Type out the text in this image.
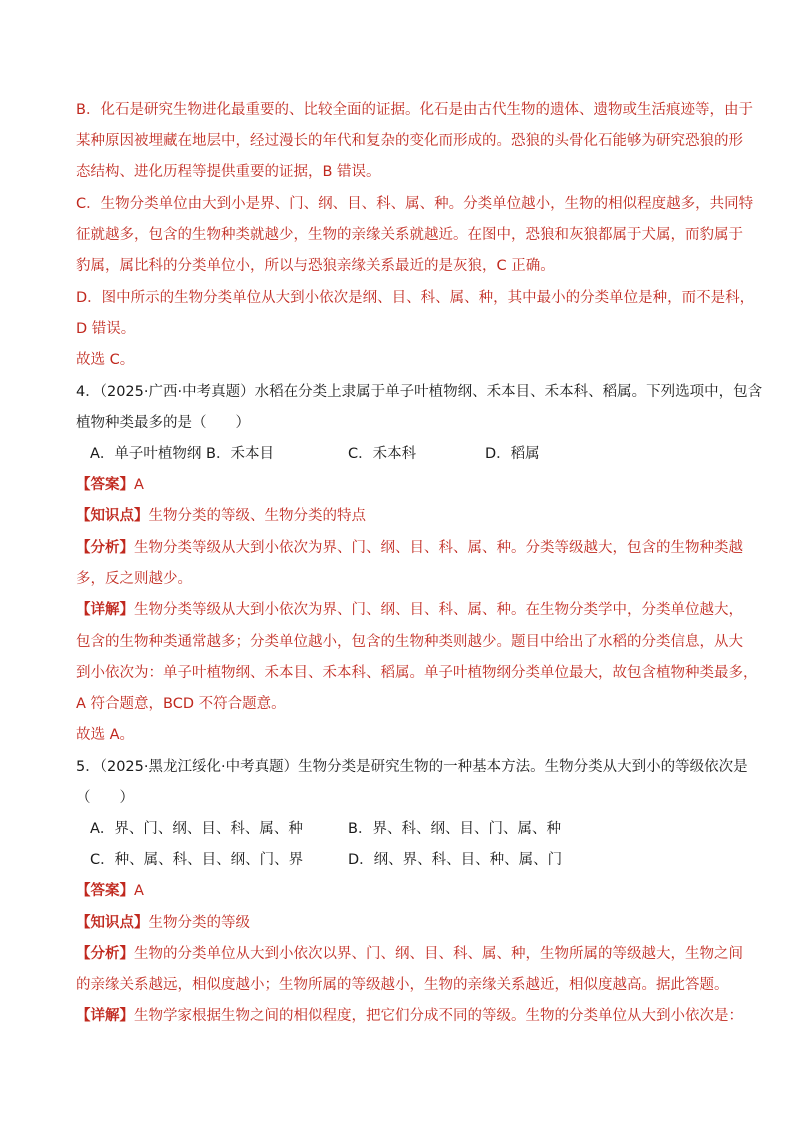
B．化石是研究生物进化最重要的、比较全面的证据。化石是由古代生物的遗体、遗物或生活痕迹等，由于
某种原因被埋藏在地层中，经过漫长的年代和复杂的变化而形成的。恐狼的头骨化石能够为研究恐狼的形
态结构、进化历程等提供重要的证据，B 错误。
C．生物分类单位由大到小是界、门、纲、目、科、属、种。分类单位越小，生物的相似程度越多，共同特
征就越多，包含的生物种类就越少，生物的亲缘关系就越近。在图中，恐狼和灰狼都属于犬属，而豹属于
豹属，属比科的分类单位小，所以与恐狼亲缘关系最近的是灰狼，C 正确。
D．图中所示的生物分类单位从大到小依次是纲、目、科、属、种，其中最小的分类单位是种，而不是科，
D 错误。
故选 C。
4．（2025·广西·中考真题）水稻在分类上隶属于单子叶植物纲、禾本目、禾本科、稻属。下列选项中，包含
植物种类最多的是（　　）
A．单子叶植物纲 B．禾本目	C．禾本科	D．稻属
【答案】A
【知识点】生物分类的等级、生物分类的特点
【分析】生物分类等级从大到小依次为界、门、纲、目、科、属、种。分类等级越大，包含的生物种类越
多，反之则越少。
【详解】生物分类等级从大到小依次为界、门、纲、目、科、属、种。在生物分类学中，分类单位越大，
包含的生物种类通常越多；分类单位越小，包含的生物种类则越少。题目中给出了水稻的分类信息，从大
到小依次为：单子叶植物纲、禾本目、禾本科、稻属。单子叶植物纲分类单位最大，故包含植物种类最多，
A 符合题意，BCD 不符合题意。
故选 A。
5．（2025·黑龙江绥化·中考真题）生物分类是研究生物的一种基本方法。生物分类从大到小的等级依次是
（　　）
A．界、门、纲、目、科、属、种	B．界、科、纲、目、门、属、种
C．种、属、科、目、纲、门、界	D．纲、界、科、目、种、属、门
【答案】A
【知识点】生物分类的等级
【分析】生物的分类单位从大到小依次以界、门、纲、目、科、属、种，生物所属的等级越大，生物之间
的亲缘关系越远，相似度越小；生物所属的等级越小，生物的亲缘关系越近，相似度越高。据此答题。
【详解】生物学家根据生物之间的相似程度，把它们分成不同的等级。生物的分类单位从大到小依次是：
